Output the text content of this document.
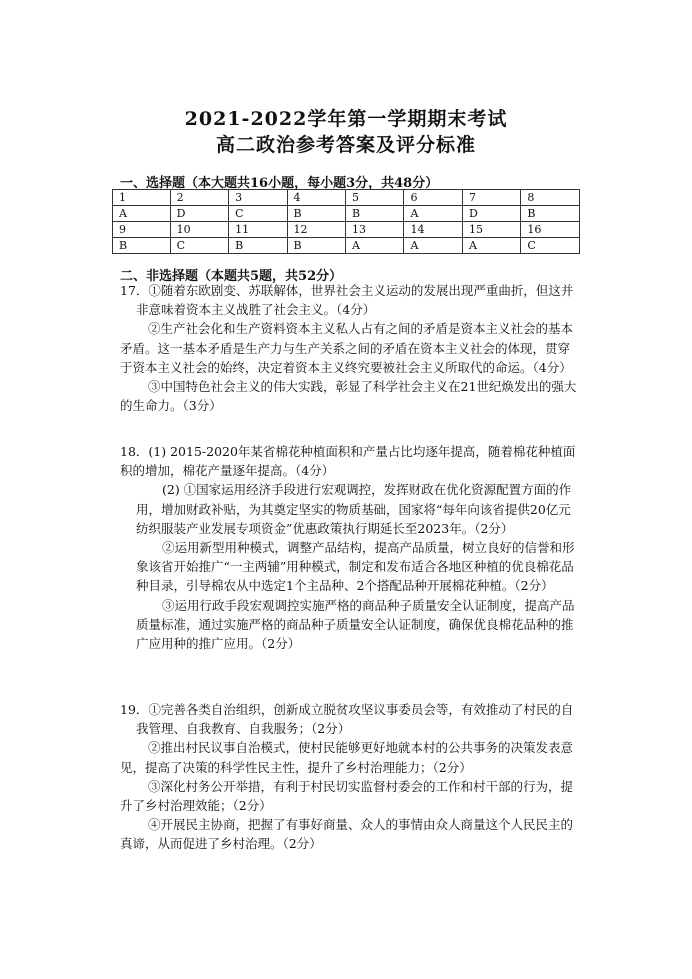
2021-2022学年第一学期期末考试
高二政治参考答案及评分标准
一、选择题（本大题共16小题，每小题3分，共48分）
1	2	3	4	5	6	7	8
A	D	C	B	B	A	D	B
9	10	11	12	13	14	15	16
B	C	B	B	A	A	A	C
二、非选择题（本题共5题，共52分）

17．①随着东欧剧变、苏联解体，世界社会主义运动的发展出现严重曲折，但这并非意味着资本主义战胜了社会主义。（4分）

②生产社会化和生产资料资本主义私人占有之间的矛盾是资本主义社会的基本矛盾。这一基本矛盾是生产力与生产关系之间的矛盾在资本主义社会的体现，贯穿于资本主义社会的始终，决定着资本主义终究要被社会主义所取代的命运。（4分）

③中国特色社会主义的伟大实践，彰显了科学社会主义在21世纪焕发出的强大的生命力。（3分）

18．(1) 2015-2020年某省棉花种植面积和产量占比均逐年提高，随着棉花种植面积的增加，棉花产量逐年提高。（4分）

(2) ①国家运用经济手段进行宏观调控，发挥财政在优化资源配置方面的作用，增加财政补贴，为其奠定坚实的物质基础，国家将“每年向该省提供20亿元纺织服装产业发展专项资金”优惠政策执行期延长至2023年。（2分）

②运用新型用种模式，调整产品结构，提高产品质量，树立良好的信誉和形象该省开始推广“一主两辅”用种模式，制定和发布适合各地区种植的优良棉花品种目录，引导棉农从中选定1个主品种、2个搭配品种开展棉花种植。（2分）

③运用行政手段宏观调控实施严格的商品种子质量安全认证制度，提高产品质量标准，通过实施严格的商品种子质量安全认证制度，确保优良棉花品种的推广应用种的推广应用。（2分）

19．①完善各类自治组织，创新成立脱贫攻坚议事委员会等，有效推动了村民的自我管理、自我教育、自我服务；（2分）

②推出村民议事自治模式，使村民能够更好地就本村的公共事务的决策发表意见，提高了决策的科学性民主性，提升了乡村治理能力；（2分）

③深化村务公开举措，有利于村民切实监督村委会的工作和村干部的行为，提升了乡村治理效能；（2分）

④开展民主协商，把握了有事好商量、众人的事情由众人商量这个人民民主的真谛，从而促进了乡村治理。（2分）
